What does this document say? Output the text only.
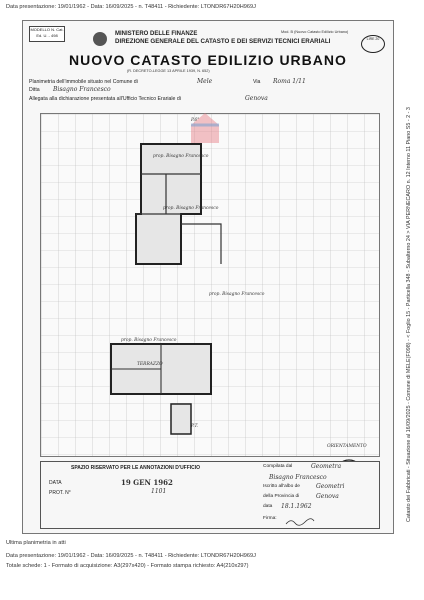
Data presentazione: 19/01/1962 - Data: 16/09/2025 - n. T48411 - Richiedente: LTONDR67H20H969J
MODELLO N. Cat. Ed. U. - 498	MINISTERO DELLE FINANZE
DIREZIONE GENERALE DEL CATASTO E DEI SERVIZI TECNICI ERARIALI
Mod. B (Nuovo Catasto Edilizio Urbano)
LIRE 20
NUOVO CATASTO EDILIZIO URBANO
(R. DECRETO-LEGGE 13 APRILE 1939, N. 652)
Planimetria dell'immobile situato nel Comune di	Mele	Via Roma 1/11
Ditta Bisagno Francesco
Allegata alla dichiarazione presentata all'Ufficio Tecnico Erariale di	Genova
P.6°
prop. Bisagno Francesco
prop. Bisagno Francesco
prop. Bisagno Francesco
prop. Bisagno Francesco
TERRAZZO
P.T.
ORIENTAMENTO
SPAZIO RISERVATO PER LE ANNOTAZIONI D'UFFICIO
DATA	19 GEN 1962
PROT. N°	1101
Compilata dal	Geometra
Bisagno Francesco
Iscritto all'albo de	Geometri
della Provincia di	Genova
data 18.1.1962
Firma:	Catasto dei Fabbricati - Situazione al 16/09/2025 - Comune di MELE(F098) - < Foglio 15 - Particella 348 - Subalterno 24 > VIA PERNECARO n. 12 Interno 11 Piano S5 - 2 - 3
Ultima planimetria in atti
Data presentazione: 19/01/1962 - Data: 16/09/2025 - n. T48411 - Richiedente: LTONDR67H20H969J
Totale schede: 1 - Formato di acquisizione: A3(297x420) - Formato stampa richiesto: A4(210x297)
